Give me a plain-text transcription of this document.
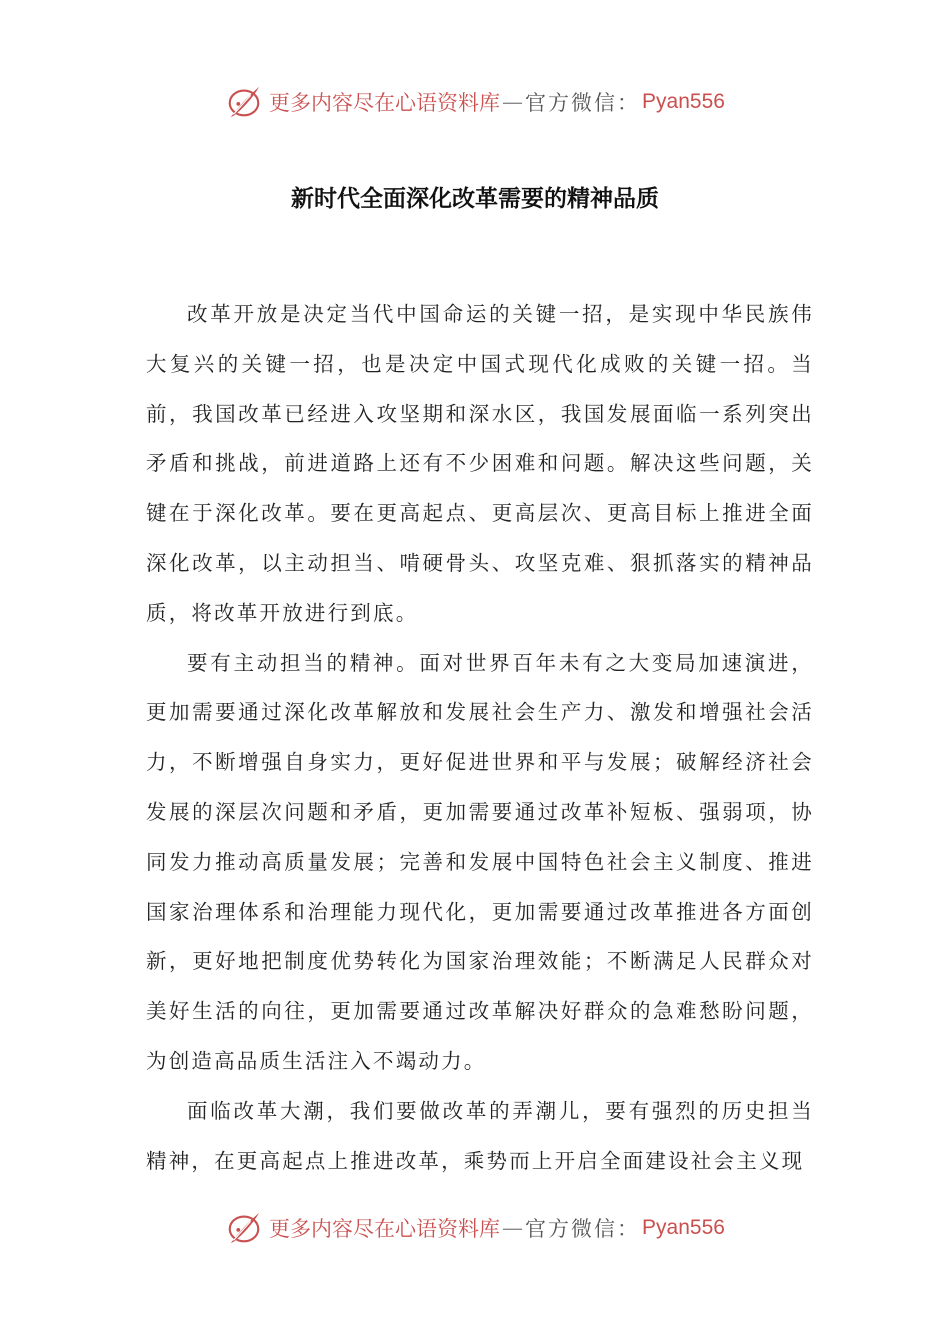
更多内容尽在心语资料库 — 官方微信： Pyan556
新时代全面深化改革需要的精神品质

改革开放是决定当代中国命运的关键一招，是实现中华民族伟大复兴的关键一招，也是决定中国式现代化成败的关键一招。当前，我国改革已经进入攻坚期和深水区，我国发展面临一系列突出矛盾和挑战，前进道路上还有不少困难和问题。解决这些问题，关键在于深化改革。要在更高起点、更高层次、更高目标上推进全面深化改革，以主动担当、啃硬骨头、攻坚克难、狠抓落实的精神品质，将改革开放进行到底。

要有主动担当的精神。面对世界百年未有之大变局加速演进，更加需要通过深化改革解放和发展社会生产力、激发和增强社会活力，不断增强自身实力，更好促进世界和平与发展；破解经济社会发展的深层次问题和矛盾，更加需要通过改革补短板、强弱项，协同发力推动高质量发展；完善和发展中国特色社会主义制度、推进国家治理体系和治理能力现代化，更加需要通过改革推进各方面创新，更好地把制度优势转化为国家治理效能；不断满足人民群众对美好生活的向往，更加需要通过改革解决好群众的急难愁盼问题，为创造高品质生活注入不竭动力。

面临改革大潮，我们要做改革的弄潮儿，要有强烈的历史担当精神，在更高起点上推进改革，乘势而上开启全面建设社会主义现

更多内容尽在心语资料库 — 官方微信： Pyan556
